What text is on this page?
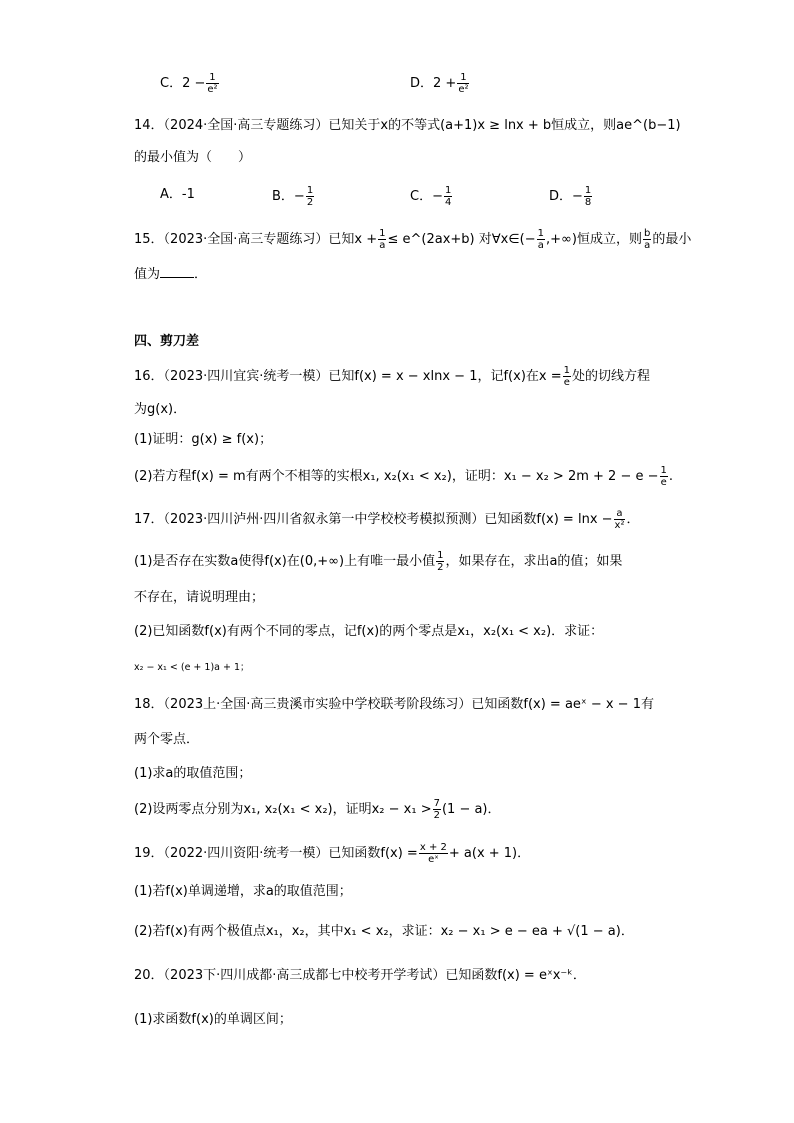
C．$2 - \frac{1}{\text{e²}}$	D．$2 + \frac{1}{\text{e²}}$
14．（2024·全国·高三专题练习）已知关于x的不等式(a+1)x ≥ lnx + b恒成立，则ae^(b−1)
的最小值为（　　）
A．-1	B．− $\frac{1}{2}$	C．− $\frac{1}{4}$	D．− $\frac{1}{8}$
15．（2023·全国·高三专题练习）已知$x + \frac{1}{a}$ ≤ e^(2ax+b) 对∀x∈(− $\frac{1}{a}$ ,+∞)恒成立，则 $\frac{b}{a}$ 的最小
值为	．
四、剪刀差
16．（2023·四川宜宾·统考一模）已知f(x) = x − xlnx − 1，记f(x)在$x = \frac{1}{e}$ 处的切线方程
为g(x)．
(1)证明：g(x) ≥ f(x)；
(2)若方程f(x) = m有两个不相等的实根x₁, x₂(x₁ < x₂)，证明：$x_1 - x_2 > 2m + 2 - e - \frac{1}{e}$ .
17．（2023·四川泸州·四川省叙永第一中学校校考模拟预测）已知函数$f(x) = \ln x - \frac{a}{\text{x²}}$ ．
(1)是否存在实数a使得f(x)在(0,+∞)上有唯一最小值 $\frac{1}{2}$ ，如果存在，求出a的值；如果
不存在，请说明理由；
(2)已知函数f(x)有两个不同的零点，记f(x)的两个零点是x₁，x₂(x₁ < x₂)．求证：
x₂ − x₁ < (e + 1)a + 1；
18．（2023上·全国·高三贵溪市实验中学校联考阶段练习）已知函数f(x) = aeˣ − x − 1有
两个零点．
(1)求a的取值范围；
(2)设两零点分别为x₁, x₂(x₁ < x₂)，证明$x_2 - x_1 > \frac{7}{2} (1 - a)$．
19．（2022·四川资阳·统考一模）已知函数$f(x) = \frac{x + 2}{\text{eˣ}} + a(x + 1)$．
(1)若f(x)单调递增，求a的取值范围；
(2)若f(x)有两个极值点x₁，x₂，其中x₁ < x₂，求证：x₂ − x₁ > e − ea + √(1 − a)．
20．（2023下·四川成都·高三成都七中校考开学考试）已知函数f(x) = eˣx⁻ᵏ．
(1)求函数f(x)的单调区间；
